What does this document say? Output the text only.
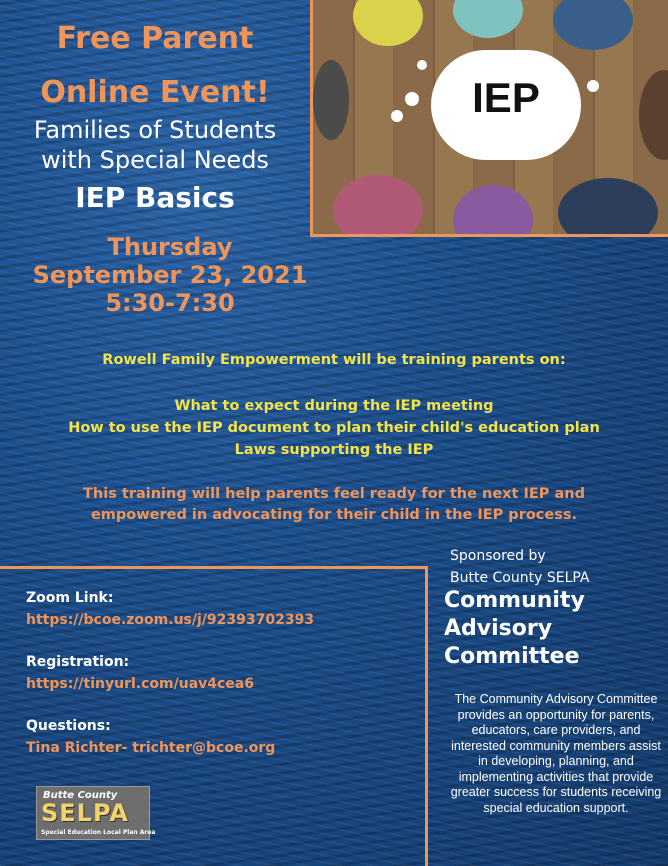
Free Parent
Online Event!
Families of Students
with Special Needs
IEP Basics
Thursday
September 23, 2021
5:30-7:30
IEP
Rowell Family Empowerment will be training parents on:
What to expect during the IEP meeting
How to use the IEP document to plan their child's education plan
Laws supporting the IEP
This training will help parents feel ready for the next IEP and
empowered in advocating for their child in the IEP process.
Zoom Link:
https://bcoe.zoom.us/j/92393702393
Registration:
https://tinyurl.com/uav4cea6
Questions:
Tina Richter- trichter@bcoe.org
Butte County
SELPA
Special Education Local Plan Area
Sponsored by
Butte County SELPA
Community
Advisory
Committee
The Community Advisory Committee provides an opportunity for parents, educators, care providers, and interested community members assist in developing, planning, and implementing activities that provide greater success for students receiving special education support.
